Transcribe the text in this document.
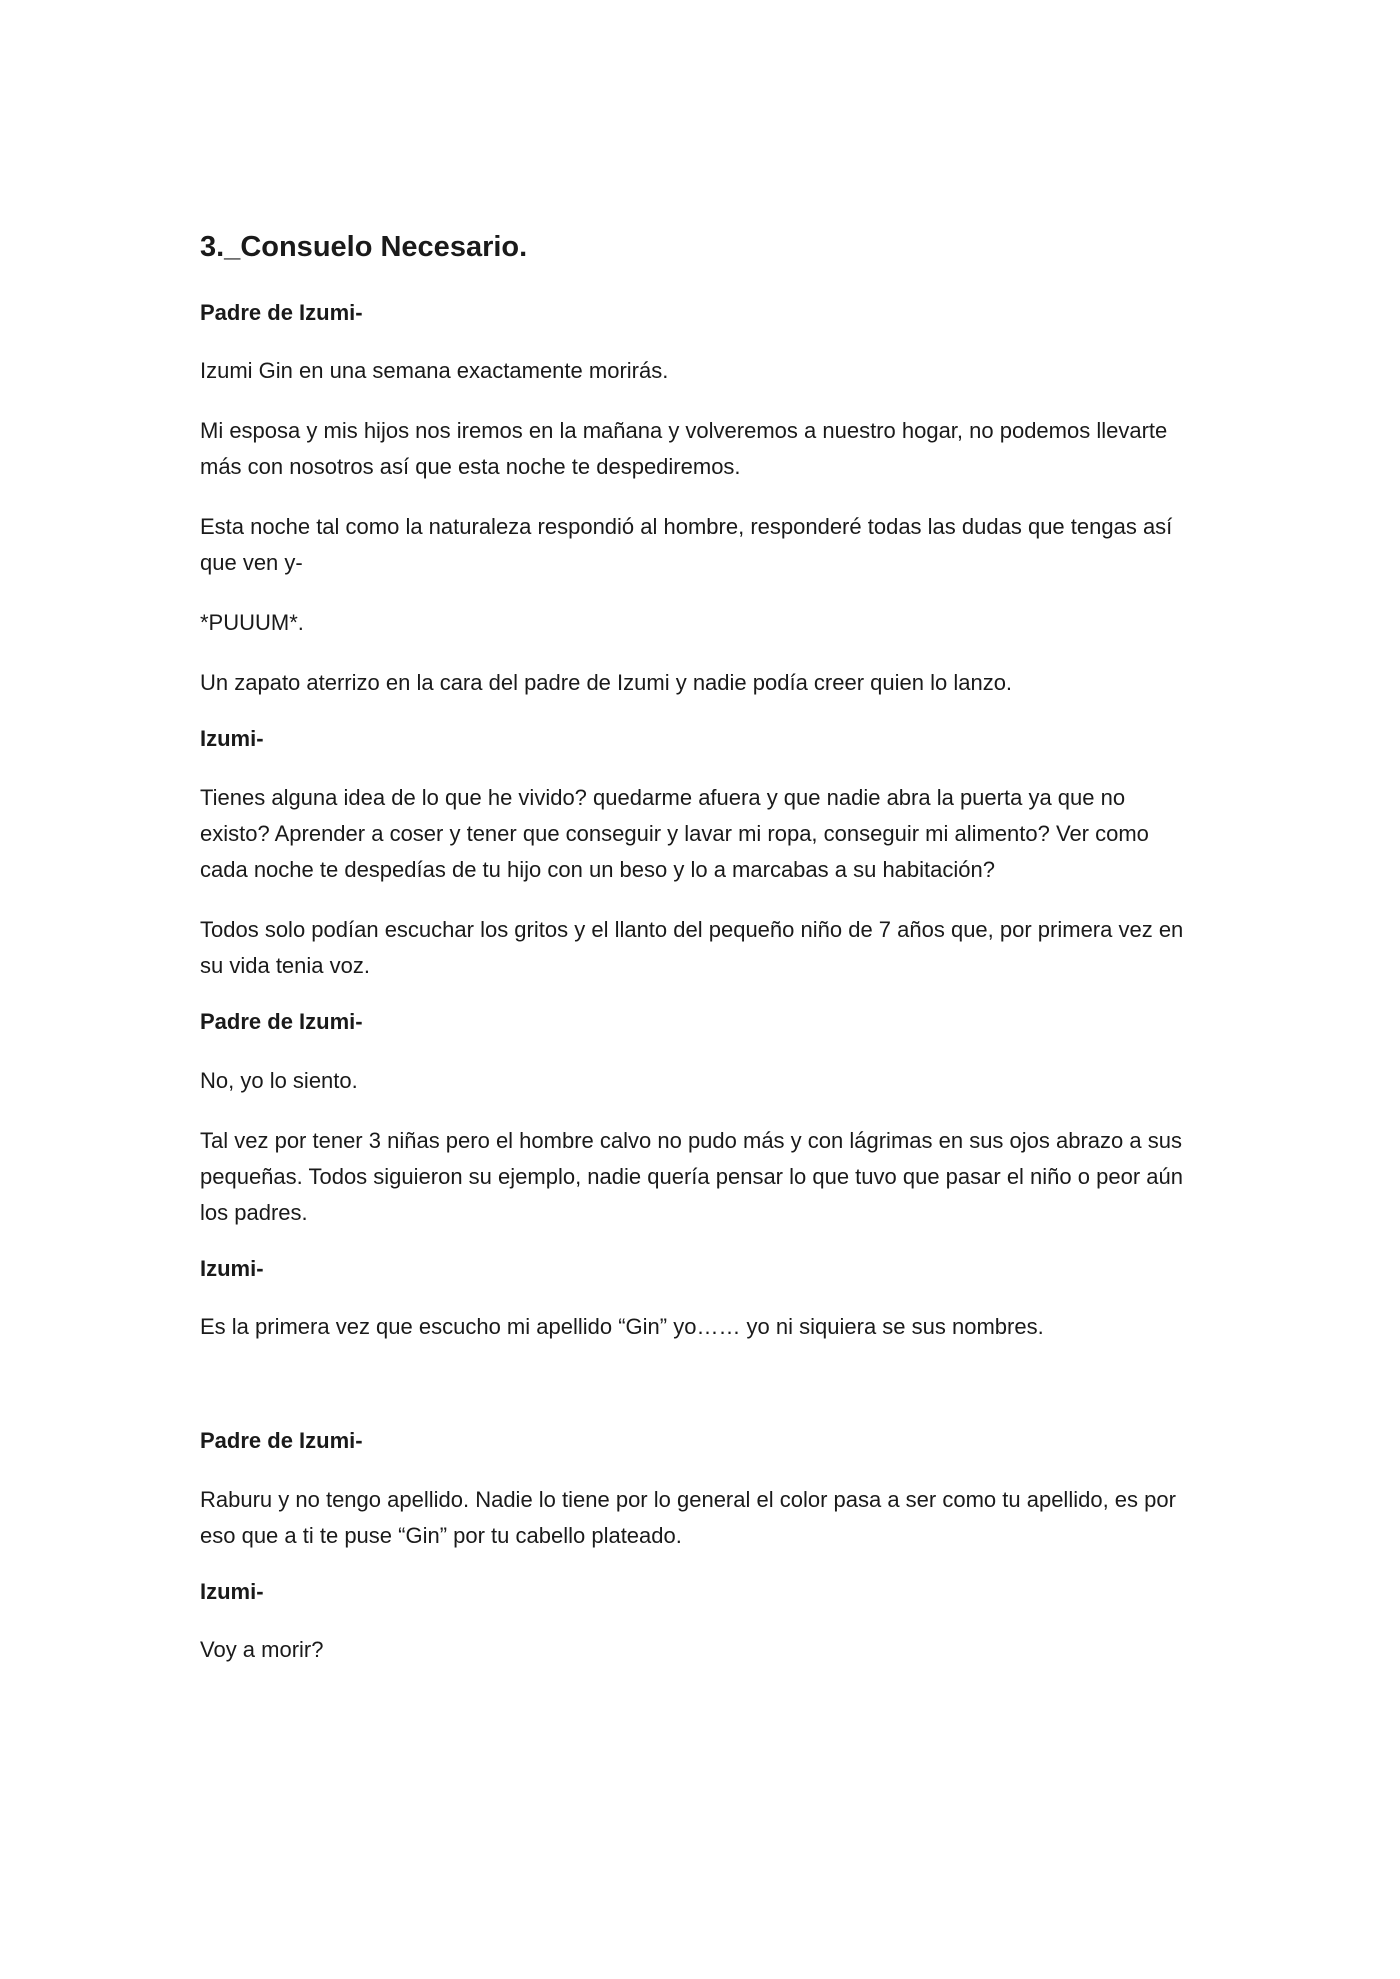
3._Consuelo Necesario.
Padre de Izumi-
Izumi Gin en una semana exactamente morirás.
Mi esposa y mis hijos nos iremos en la mañana y volveremos a nuestro hogar, no podemos llevarte más con nosotros así que esta noche te despediremos.
Esta noche tal como la naturaleza respondió al hombre, responderé todas las dudas que tengas así que ven y-
*PUUUM*.
Un zapato aterrizo en la cara del padre de Izumi y nadie podía creer quien lo lanzo.
Izumi-
Tienes alguna idea de lo que he vivido? quedarme afuera y que nadie abra la puerta ya que no existo? Aprender a coser y tener que conseguir y lavar mi ropa, conseguir mi alimento? Ver como cada noche te despedías de tu hijo con un beso y lo a marcabas a su habitación?
Todos solo podían escuchar los gritos y el llanto del pequeño niño de 7 años que, por primera vez en su vida tenia voz.
Padre de Izumi-
No, yo lo siento.
Tal vez por tener 3 niñas pero el hombre calvo no pudo más y con lágrimas en sus ojos abrazo a sus pequeñas. Todos siguieron su ejemplo, nadie quería pensar lo que tuvo que pasar el niño o peor aún los padres.
Izumi-
Es la primera vez que escucho mi apellido “Gin” yo…… yo ni siquiera se sus nombres.
Padre de Izumi-
Raburu y no tengo apellido. Nadie lo tiene por lo general el color pasa a ser como tu apellido, es por eso que a ti te puse “Gin” por tu cabello plateado.
Izumi-
Voy a morir?
